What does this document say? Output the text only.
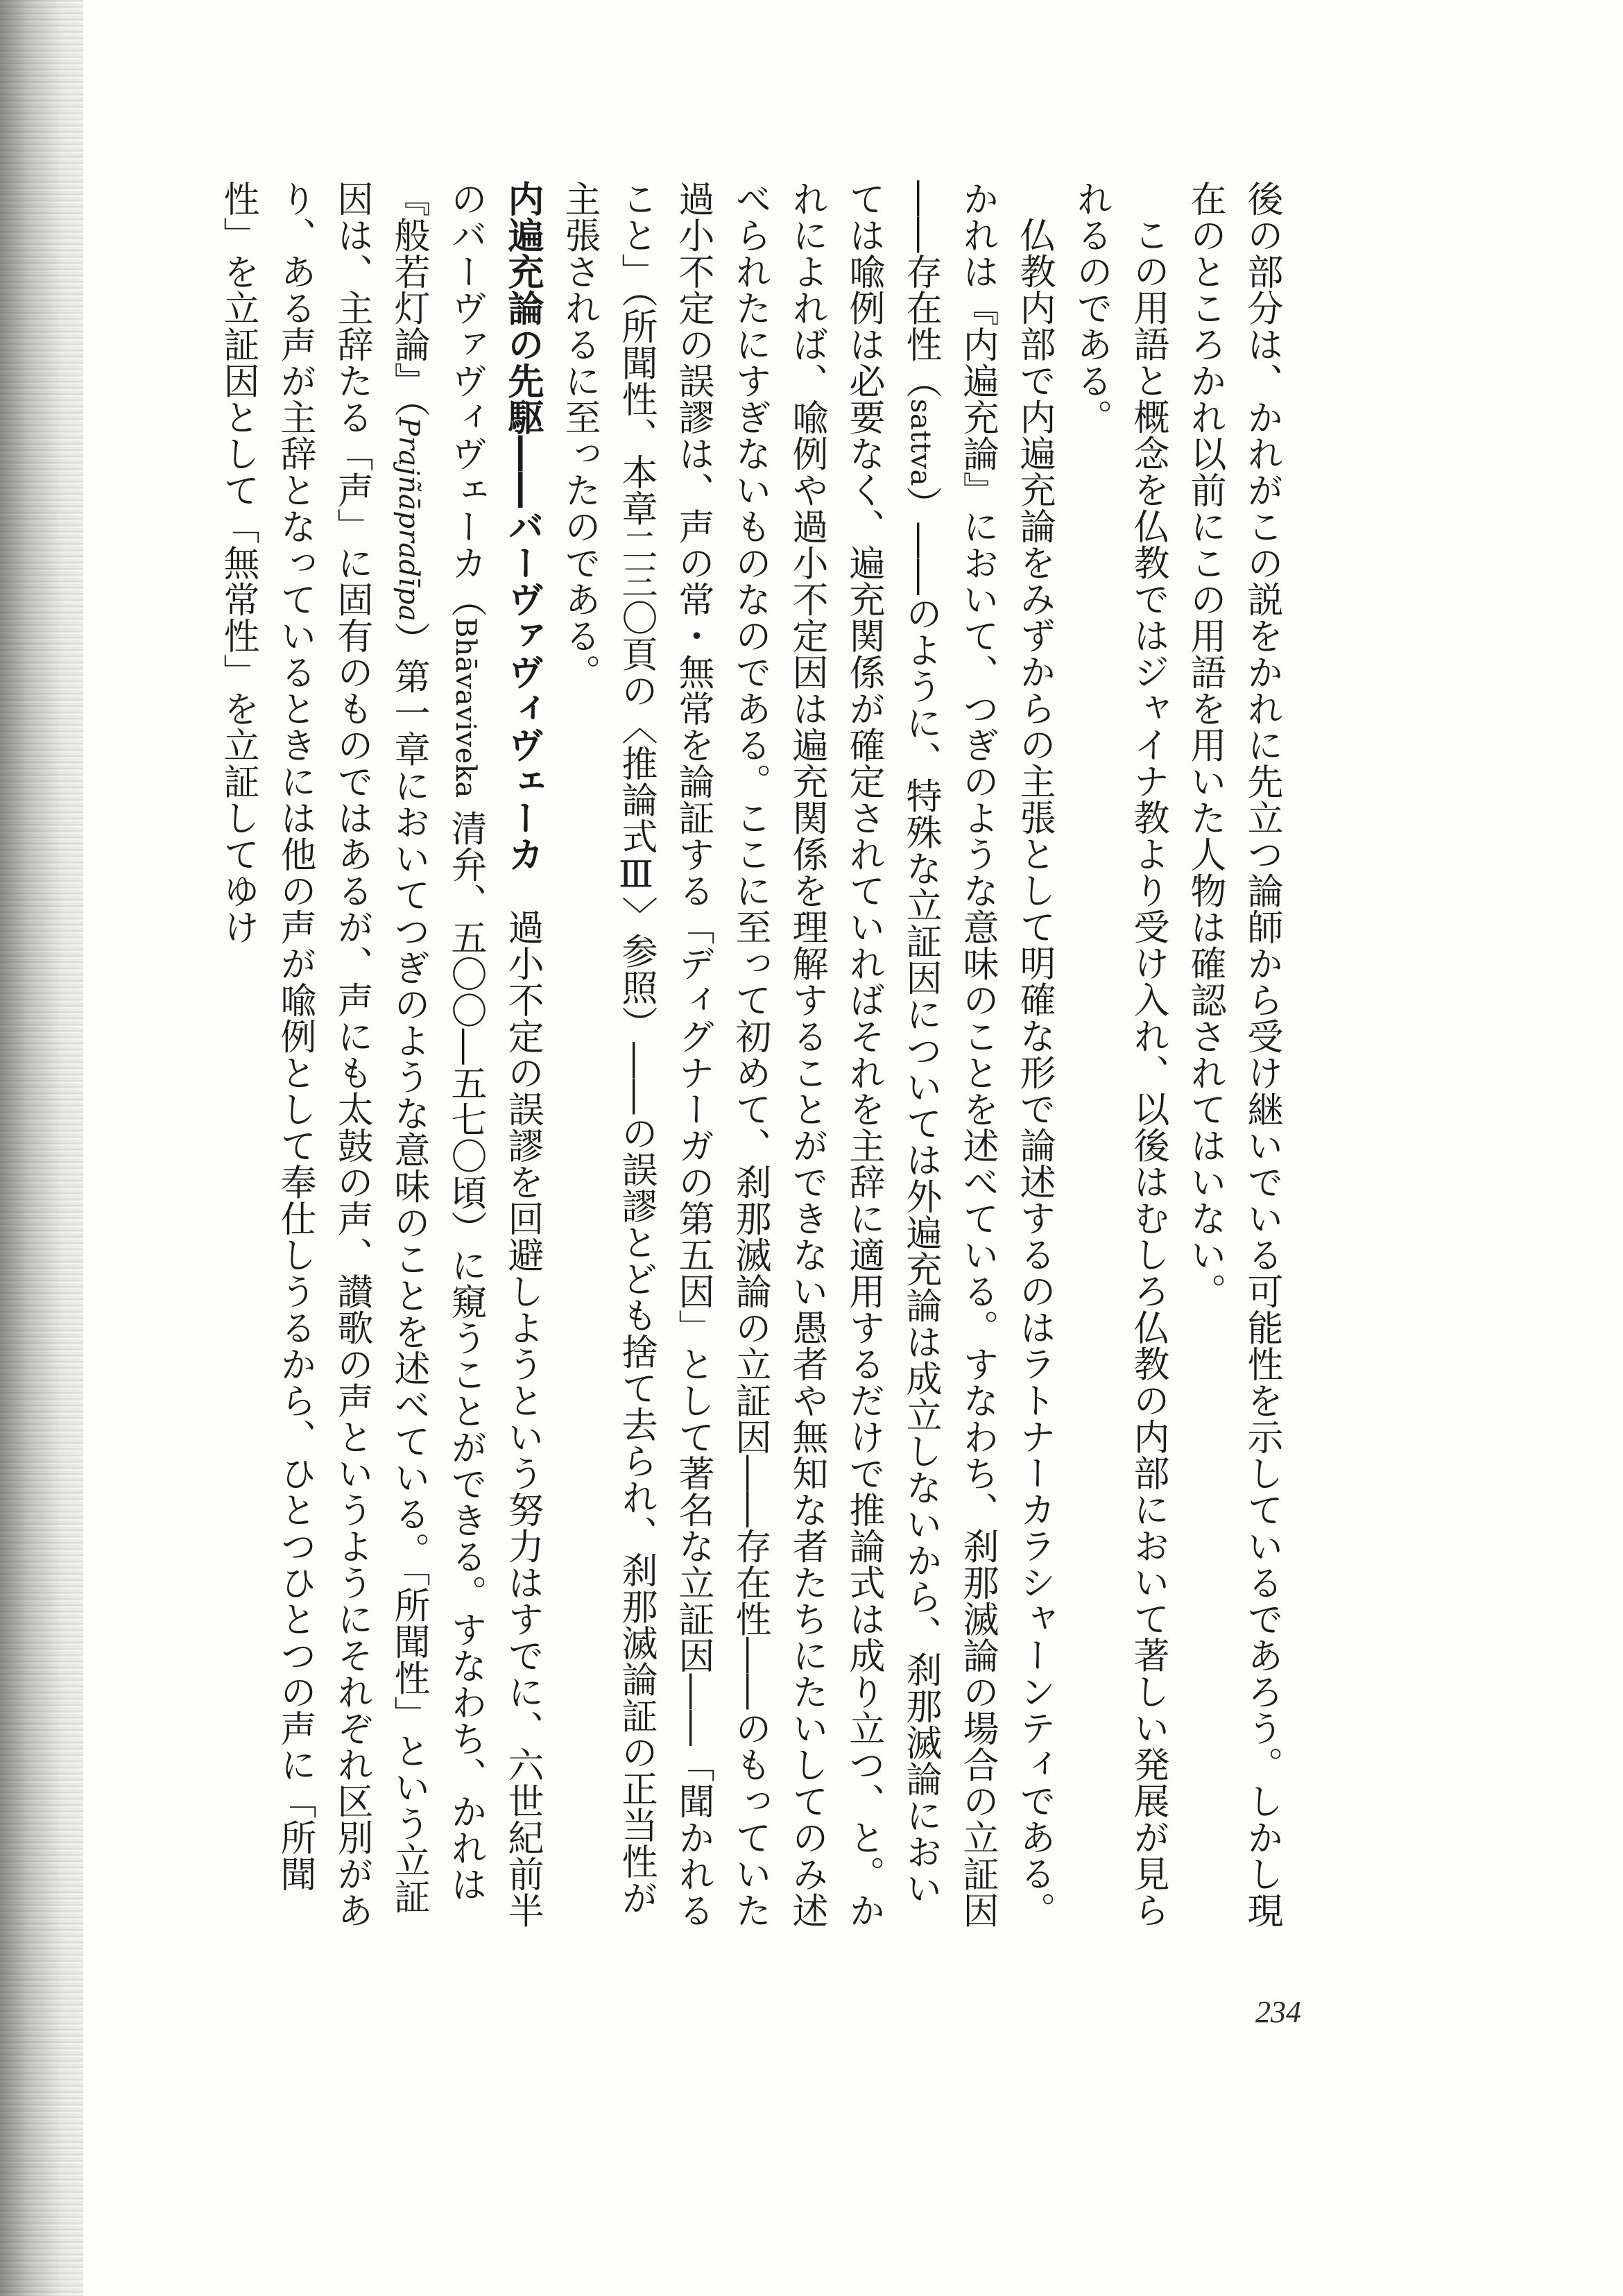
後の部分は、かれがこの説をかれに先立つ論師から受け継いでいる可能性を示しているであろう。しかし現在のところかれ以前にこの用語を用いた人物は確認されてはいない。

この用語と概念を仏教ではジャイナ教より受け入れ、以後はむしろ仏教の内部において著しい発展が見られるのである。

仏教内部で内遍充論をみずからの主張として明確な形で論述するのはラトナーカラシャーンティである。かれは『内遍充論』において、つぎのような意味のことを述べている。すなわち、刹那滅論の場合の立証因――存在性（sattva）――のように、特殊な立証因については外遍充論は成立しないから、刹那滅論においては喩例は必要なく、遍充関係が確定されていればそれを主辞に適用するだけで推論式は成り立つ、と。かれによれば、喩例や過小不定因は遍充関係を理解することができない愚者や無知な者たちにたいしてのみ述べられたにすぎないものなのである。ここに至って初めて、刹那滅論の立証因――存在性――のもっていた過小不定の誤謬は、声の常・無常を論証する「ディグナーガの第五因」として著名な立証因――「聞かれること」（所聞性、本章二三〇頁の〈推論式Ⅲ〉参照）――の誤謬とども捨て去られ、刹那滅論証の正当性が主張されるに至ったのである。

内遍充論の先駆――バーヴァヴィヴェーカ　過小不定の誤謬を回避しようという努力はすでに、六世紀前半のバーヴァヴィヴェーカ（Bhāvaviveka 清弁、五〇〇―五七〇頃）に窺うことができる。すなわち、かれは『般若灯論』（Prajñāpradīpa）第一章においてつぎのような意味のことを述べている。「所聞性」という立証因は、主辞たる「声」に固有のものではあるが、声にも太鼓の声、讃歌の声というようにそれぞれ区別があり、ある声が主辞となっているときには他の声が喩例として奉仕しうるから、ひとつひとつの声に「所聞性」を立証因として「無常性」を立証してゆけ

234
